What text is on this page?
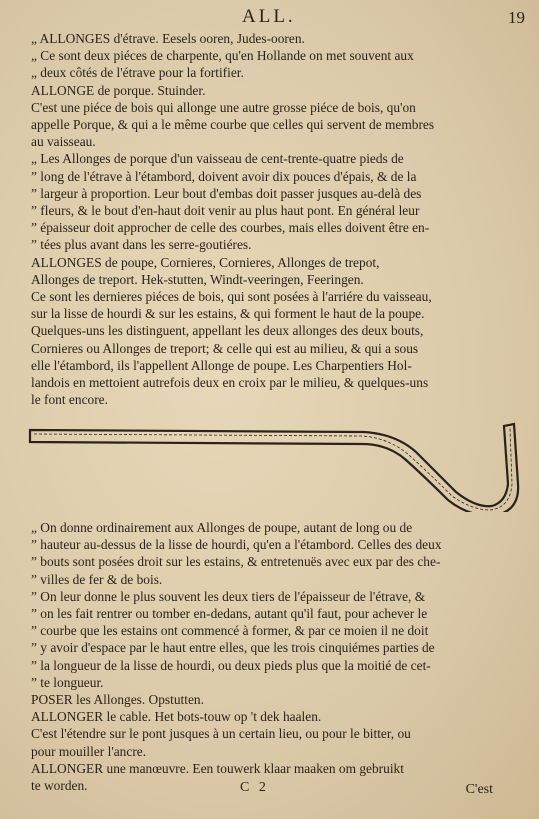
ALL.	19
„ ALLONGES d'étrave. Eesels ooren, Judes-ooren.
„ Ce sont deux piéces de charpente, qu'en Hollande on met souvent aux
„ deux côtés de l'étrave pour la fortifier.
ALLONGE de porque. Stuinder.
C'est une piéce de bois qui allonge une autre grosse piéce de bois, qu'on
appelle Porque, & qui a le même courbe que celles qui servent de membres
au vaisseau.
„ Les Allonges de porque d'un vaisseau de cent-trente-quatre pieds de
” long de l'étrave à l'étambord, doivent avoir dix pouces d'épais, & de la
” largeur à proportion. Leur bout d'embas doit passer jusques au-delà des
” fleurs, & le bout d'en-haut doit venir au plus haut pont. En général leur
” épaisseur doit approcher de celle des courbes, mais elles doivent être en-
” tées plus avant dans les serre-goutiéres.
ALLONGES de poupe, Cornieres, Cornieres, Allonges de trepot,
Allonges de treport. Hek-stutten, Windt-veeringen, Feeringen.
Ce sont les dernieres piéces de bois, qui sont posées à l'arriére du vaisseau,
sur la lisse de hourdi & sur les estains, & qui forment le haut de la poupe.
Quelques-uns les distinguent, appellant les deux allonges des deux bouts,
Cornieres ou Allonges de treport; & celle qui est au milieu, & qui a sous
elle l'étambord, ils l'appellent Allonge de poupe. Les Charpentiers Hol-
landois en mettoient autrefois deux en croix par le milieu, & quelques-uns
le font encore.
„ On donne ordinairement aux Allonges de poupe, autant de long ou de
” hauteur au-dessus de la lisse de hourdi, qu'en a l'étambord. Celles des deux
” bouts sont posées droit sur les estains, & entretenuës avec eux par des che-
” villes de fer & de bois.
” On leur donne le plus souvent les deux tiers de l'épaisseur de l'étrave, &
” on les fait rentrer ou tomber en-dedans, autant qu'il faut, pour achever le
” courbe que les estains ont commencé à former, & par ce moien il ne doit
” y avoir d'espace par le haut entre elles, que les trois cinquiémes parties de
” la longueur de la lisse de hourdi, ou deux pieds plus que la moitié de cet-
” te longueur.
POSER les Allonges. Opstutten.
ALLONGER le cable. Het bots-touw op 't dek haalen.
C'est l'étendre sur le pont jusques à un certain lieu, ou pour le bitter, ou
pour mouiller l'ancre.
ALLONGER une manœuvre. Een touwerk klaar maaken om gebruikt
te worden.	C 2	C'est
